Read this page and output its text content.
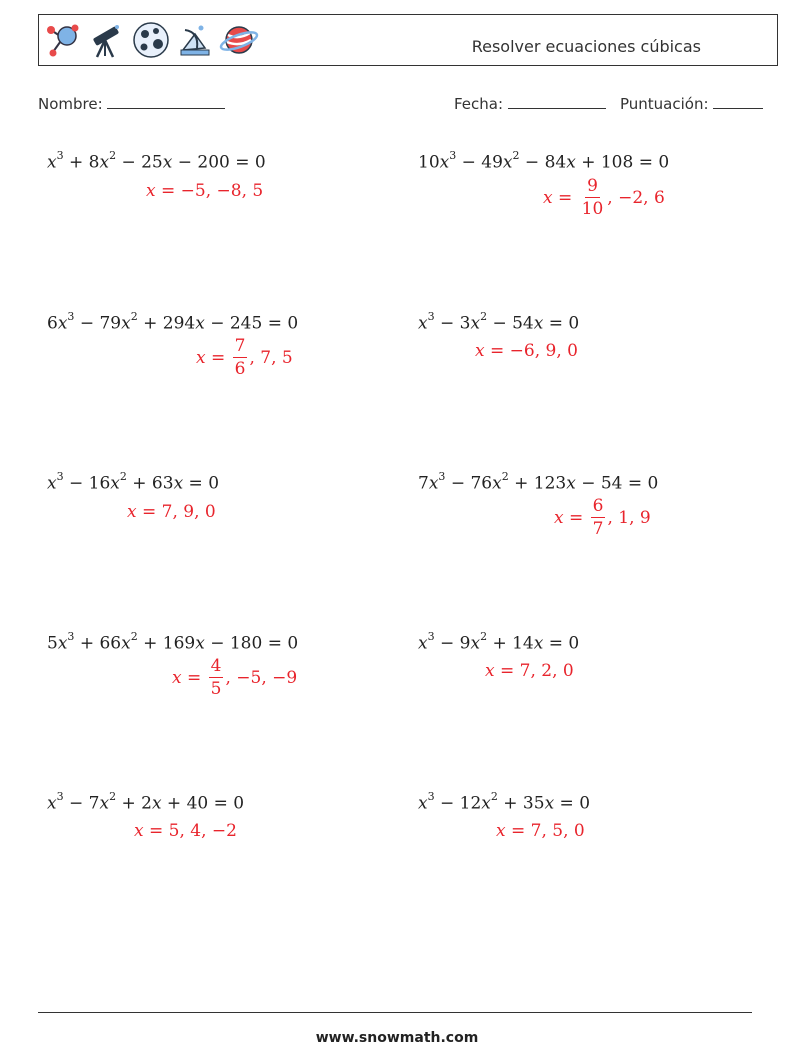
Resolver ecuaciones cúbicas
Nombre:	Fecha:	Puntuación:
$x^3 + 8x^2 - 25x - 200 = 0$
x = −5, −8, 5
$10x^3 - 49x^2 - 84x + 108 = 0$
$x = \frac{9}{10}$ , −2, 6
$6x^3 - 79x^2 + 294x - 245 = 0$
$x = \frac{7}{6}$ , 7, 5
$x^3 - 3x^2 - 54x = 0$
x = −6, 9, 0
$x^3 - 16x^2 + 63x = 0$
x = 7, 9, 0
$7x^3 - 76x^2 + 123x - 54 = 0$
$x = \frac{6}{7}$ , 1, 9
$5x^3 + 66x^2 + 169x - 180 = 0$
$x = \frac{4}{5}$ , −5, −9
$x^3 - 9x^2 + 14x = 0$
x = 7, 2, 0
$x^3 - 7x^2 + 2x + 40 = 0$
x = 5, 4, −2
$x^3 - 12x^2 + 35x = 0$
x = 7, 5, 0
www.snowmath.com
